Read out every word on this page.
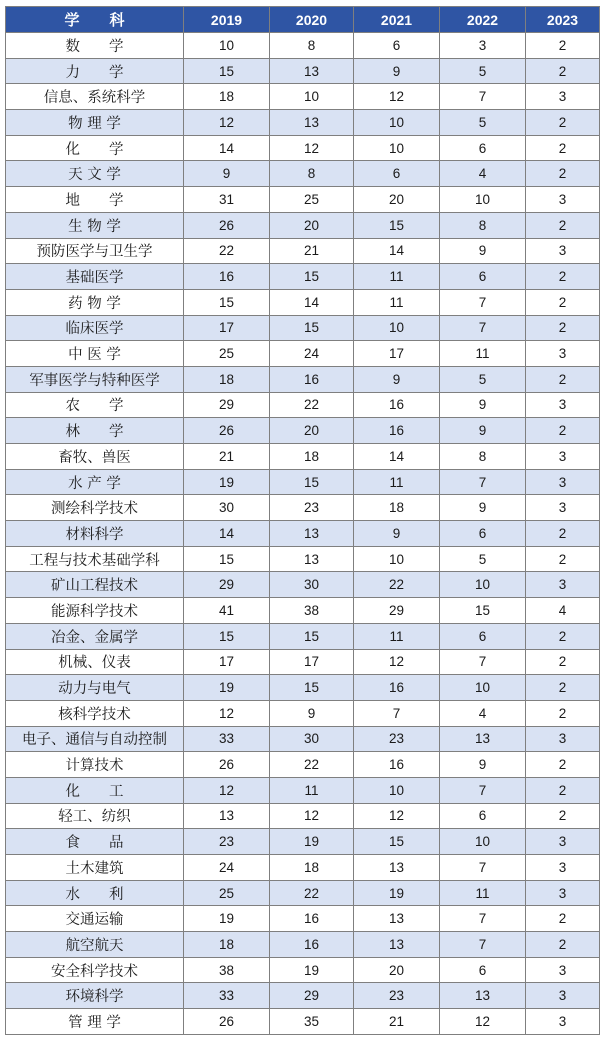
学　　科	2019	2020	2021	2022	2023
数　　学	10	8	6	3	2
力　　学	15	13	9	5	2
信息、系统科学	18	10	12	7	3
物 理 学	12	13	10	5	2
化　　学	14	12	10	6	2
天 文 学	9	8	6	4	2
地　　学	31	25	20	10	3
生 物 学	26	20	15	8	2
预防医学与卫生学	22	21	14	9	3
基础医学	16	15	11	6	2
药 物 学	15	14	11	7	2
临床医学	17	15	10	7	2
中 医 学	25	24	17	11	3
军事医学与特种医学	18	16	9	5	2
农　　学	29	22	16	9	3
林　　学	26	20	16	9	2
畜牧、兽医	21	18	14	8	3
水 产 学	19	15	11	7	3
测绘科学技术	30	23	18	9	3
材料科学	14	13	9	6	2
工程与技术基础学科	15	13	10	5	2
矿山工程技术	29	30	22	10	3
能源科学技术	41	38	29	15	4
冶金、金属学	15	15	11	6	2
机械、仪表	17	17	12	7	2
动力与电气	19	15	16	10	2
核科学技术	12	9	7	4	2
电子、通信与自动控制	33	30	23	13	3
计算技术	26	22	16	9	2
化　　工	12	11	10	7	2
轻工、纺织	13	12	12	6	2
食　　品	23	19	15	10	3
土木建筑	24	18	13	7	3
水　　利	25	22	19	11	3
交通运输	19	16	13	7	2
航空航天	18	16	13	7	2
安全科学技术	38	19	20	6	3
环境科学	33	29	23	13	3
管 理 学	26	35	21	12	3
